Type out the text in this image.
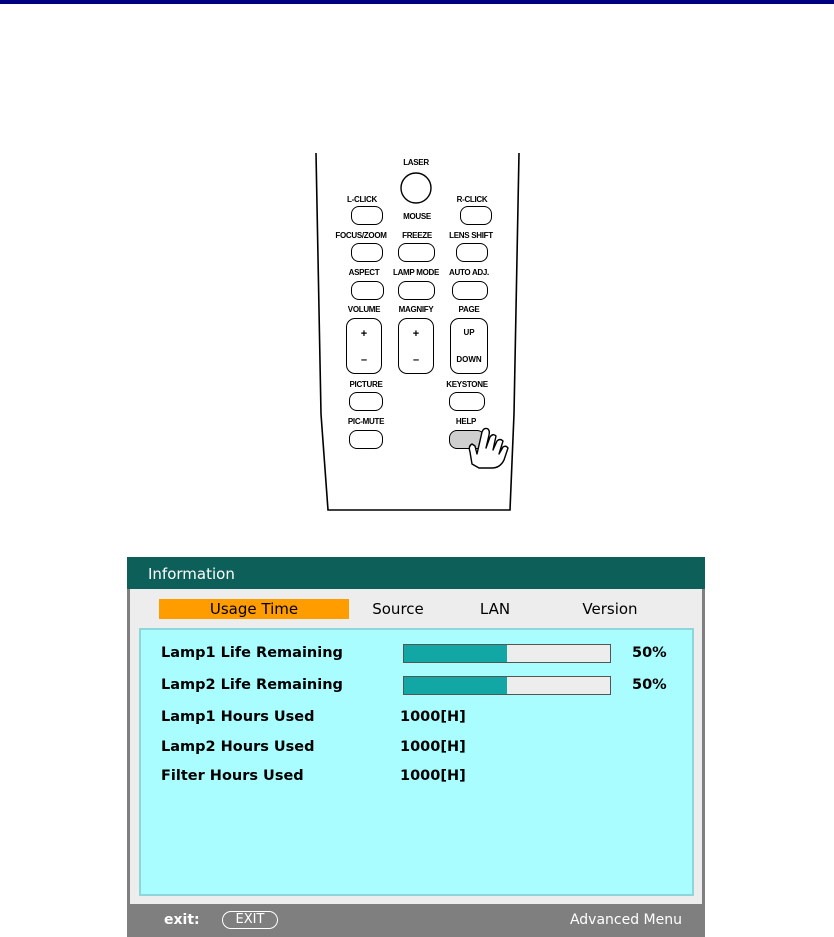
LASER
L-CLICK	R-CLICK
MOUSE
FOCUS/ZOOM FREEZE LENS SHIFT
ASPECT LAMP MODE AUTO ADJ.
VOLUME MAGNIFY	PAGE
+
–
+
–
UP
DOWN
PICTURE	KEYSTONE
PIC-MUTE	HELP
Information
Usage Time	Source	LAN	Version
Lamp1 Life Remaining	50%
Lamp2 Life Remaining	50%
Lamp1 Hours Used	1000[H]
Lamp2 Hours Used	1000[H]
Filter Hours Used	1000[H]
exit:	EXIT	Advanced Menu
